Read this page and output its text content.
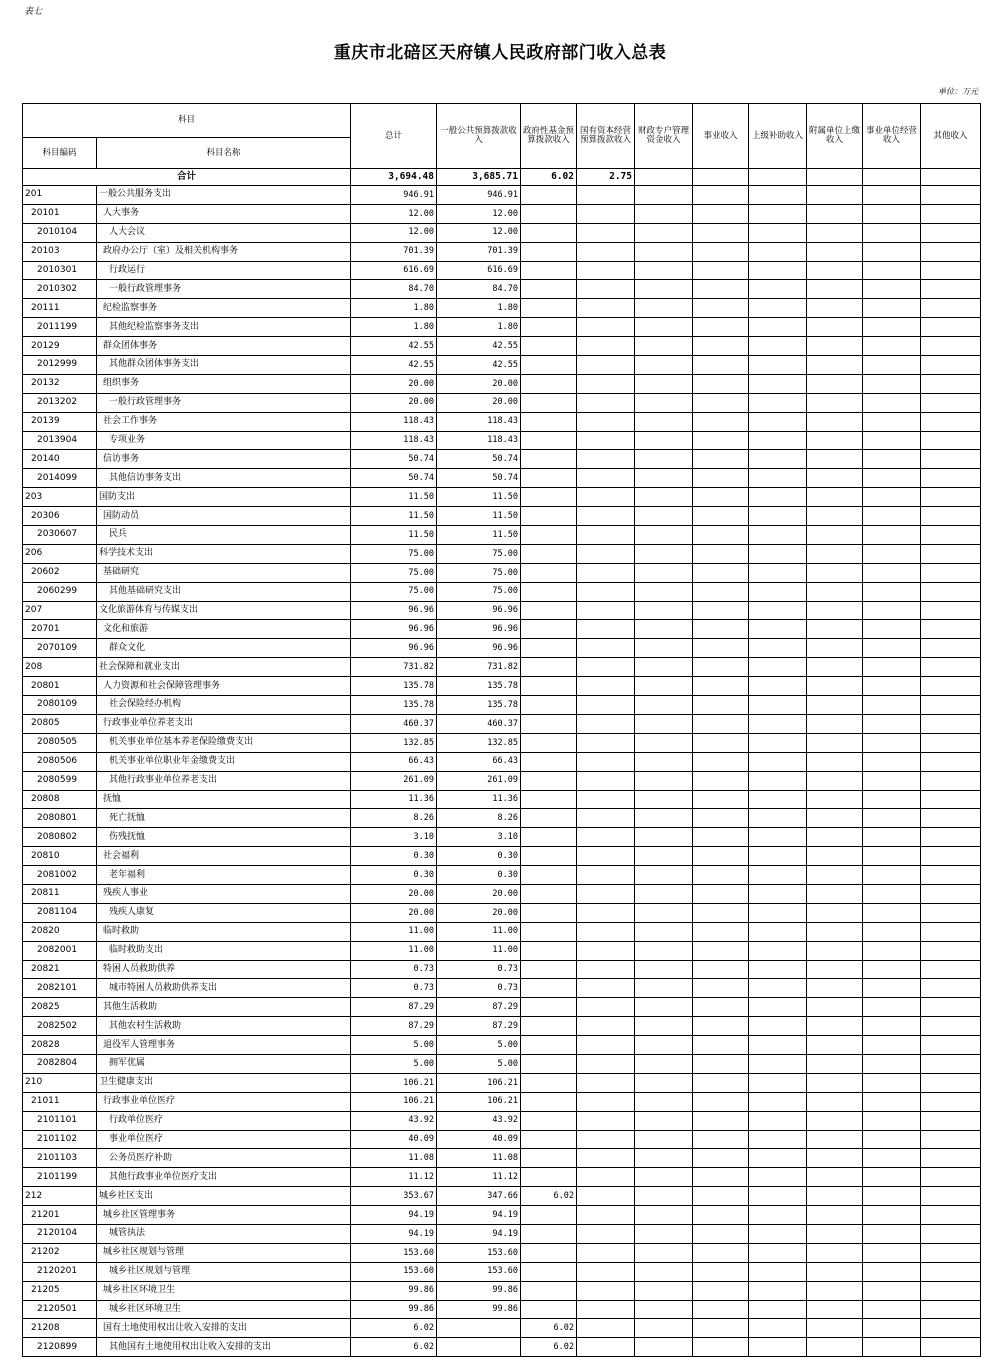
表七
重庆市北碚区天府镇人民政府部门收入总表
单位：万元
科目		总计	一般公共预算拨款收入	政府性基金预算拨款收入	国有资本经营预算拨款收入	财政专户管理资金收入	事业收入	上级补助收入	附属单位上缴收入	事业单位经营收入	其他收入
科目编码	科目名称										
合计		3,694.48	3,685.71	6.02	2.75						
201	一般公共服务支出	946.91	946.91								
20101	人大事务	12.00	12.00								
2010104	人大会议	12.00	12.00								
20103	政府办公厅（室）及相关机构事务	701.39	701.39								
2010301	行政运行	616.69	616.69								
2010302	一般行政管理事务	84.70	84.70								
20111	纪检监察事务	1.80	1.80								
2011199	其他纪检监察事务支出	1.80	1.80								
20129	群众团体事务	42.55	42.55								
2012999	其他群众团体事务支出	42.55	42.55								
20132	组织事务	20.00	20.00								
2013202	一般行政管理事务	20.00	20.00								
20139	社会工作事务	118.43	118.43								
2013904	专项业务	118.43	118.43								
20140	信访事务	50.74	50.74								
2014099	其他信访事务支出	50.74	50.74								
203	国防支出	11.50	11.50								
20306	国防动员	11.50	11.50								
2030607	民兵	11.50	11.50								
206	科学技术支出	75.00	75.00								
20602	基础研究	75.00	75.00								
2060299	其他基础研究支出	75.00	75.00								
207	文化旅游体育与传媒支出	96.96	96.96								
20701	文化和旅游	96.96	96.96								
2070109	群众文化	96.96	96.96								
208	社会保障和就业支出	731.82	731.82								
20801	人力资源和社会保障管理事务	135.78	135.78								
2080109	社会保险经办机构	135.78	135.78								
20805	行政事业单位养老支出	460.37	460.37								
2080505	机关事业单位基本养老保险缴费支出	132.85	132.85								
2080506	机关事业单位职业年金缴费支出	66.43	66.43								
2080599	其他行政事业单位养老支出	261.09	261.09								
20808	抚恤	11.36	11.36								
2080801	死亡抚恤	8.26	8.26								
2080802	伤残抚恤	3.10	3.10								
20810	社会福利	0.30	0.30								
2081002	老年福利	0.30	0.30								
20811	残疾人事业	20.00	20.00								
2081104	残疾人康复	20.00	20.00								
20820	临时救助	11.00	11.00								
2082001	临时救助支出	11.00	11.00								
20821	特困人员救助供养	0.73	0.73								
2082101	城市特困人员救助供养支出	0.73	0.73								
20825	其他生活救助	87.29	87.29								
2082502	其他农村生活救助	87.29	87.29								
20828	退役军人管理事务	5.00	5.00								
2082804	拥军优属	5.00	5.00								
210	卫生健康支出	106.21	106.21								
21011	行政事业单位医疗	106.21	106.21								
2101101	行政单位医疗	43.92	43.92								
2101102	事业单位医疗	40.09	40.09								
2101103	公务员医疗补助	11.08	11.08								
2101199	其他行政事业单位医疗支出	11.12	11.12								
212	城乡社区支出	353.67	347.66	6.02							
21201	城乡社区管理事务	94.19	94.19								
2120104	城管执法	94.19	94.19								
21202	城乡社区规划与管理	153.60	153.60								
2120201	城乡社区规划与管理	153.60	153.60								
21205	城乡社区环境卫生	99.86	99.86								
2120501	城乡社区环境卫生	99.86	99.86								
21208	国有土地使用权出让收入安排的支出	6.02		6.02							
2120899	其他国有土地使用权出让收入安排的支出	6.02		6.02							
